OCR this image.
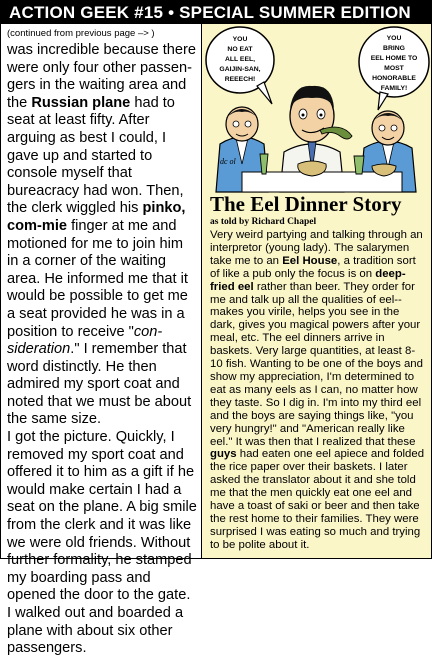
ACTION GEEK #15 • SPECIAL SUMMER EDITION
(continued from previous page –> )

was incredible because there were only four other passen-gers in the waiting area and the Russian plane had to seat at least fifty. After arguing as best I could, I gave up and started to console myself that bureacracy had won. Then, the clerk wiggled his pinko, com-mie finger at me and motioned for me to join him in a corner of the waiting area. He informed me that it would be possible to get me a seat provided he was in a position to receive "con-sideration." I remember that word distinctly. He then admired my sport coat and noted that we must be about the same size.

I got the picture. Quickly, I removed my sport coat and offered it to him as a gift if he would make certain I had a seat on the plane. A big smile from the clerk and it was like we were old friends. Without further formality, he stamped my boarding pass and opened the door to the gate. I walked out and boarded a plane with about six other passengers.

YOU
NO EAT
ALL EEL,
GAIJIN-SAN,
REEECH!
YOU
BRING
EEL HOME TO
MOST
HONORABLE
FAMILY!
dc ol
The Eel Dinner Story
as told by Richard Chapel

Very weird partying and talking through an interpretor (young lady). The salarymen take me to an Eel House, a tradition sort of like a pub only the focus is on deep-fried eel rather than beer. They order for me and talk up all the qualities of eel-- makes you virile, helps you see in the dark, gives you magical powers after your meal, etc. The eel dinners arrive in baskets. Very large quantities, at least 8-10 fish. Wanting to be one of the boys and show my appreciation, I'm determined to eat as many eels as I can, no matter how they taste. So I dig in. I'm into my third eel and the boys are saying things like, "you very hungry!" and "American really like eel." It was then that I realized that these guys had eaten one eel apiece and folded the rice paper over their baskets. I later asked the translator about it and she told me that the men quickly eat one eel and have a toast of saki or beer and then take the rest home to their families. They were surprised I was eating so much and trying to be polite about it.
